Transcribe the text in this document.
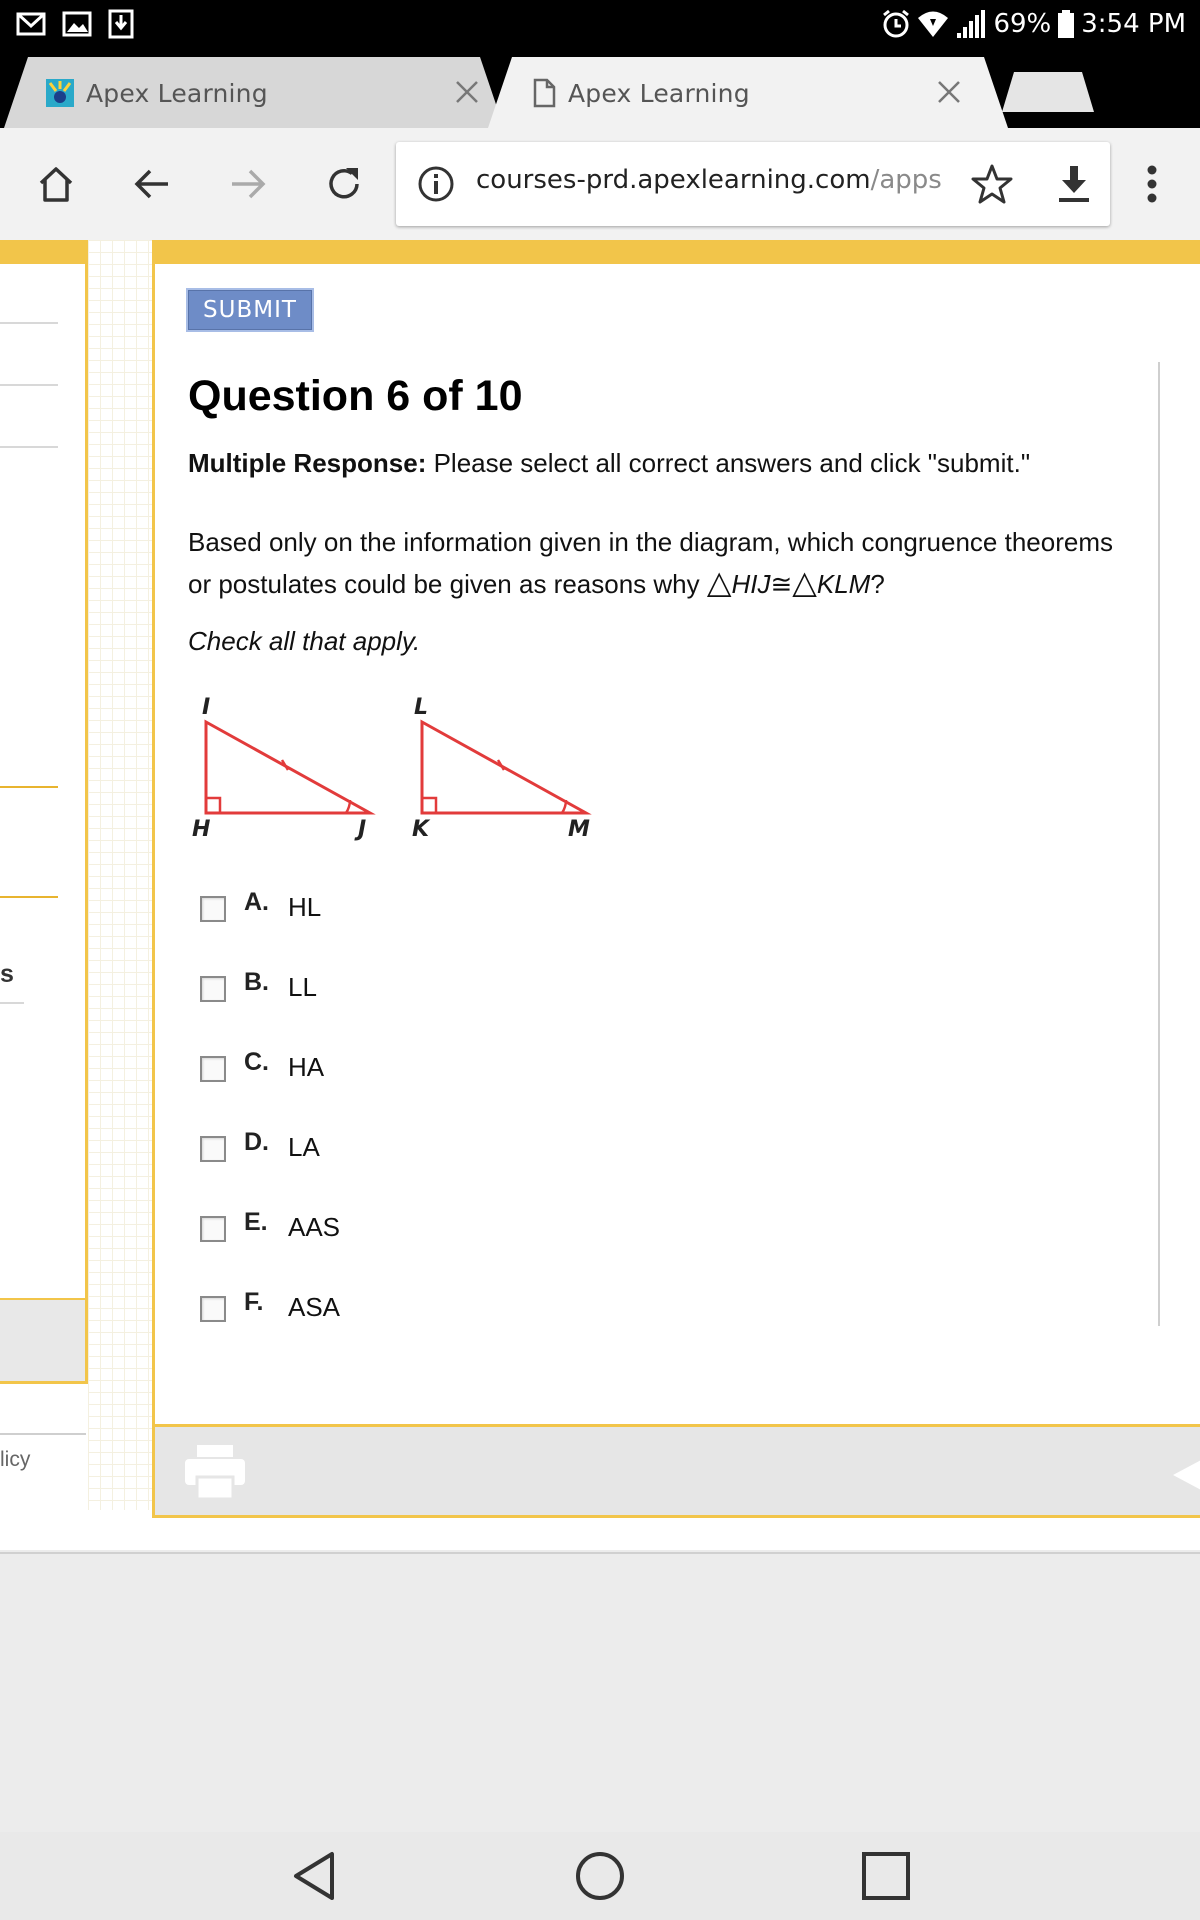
69% 3:54 PM
Apex Learning	Apex Learning
courses-prd.apexlearning.com/apps
s
licy
SUBMIT
Question 6 of 10
Multiple Response: Please select all correct answers and click "submit."
Based only on the information given in the diagram, which congruence theorems
or postulates could be given as reasons why △HIJ≅△KLM?
Check all that apply.
I
H	J
L
K	M
A. HL
B. LL
C. HA
D. LA
E. AAS
F. ASA
